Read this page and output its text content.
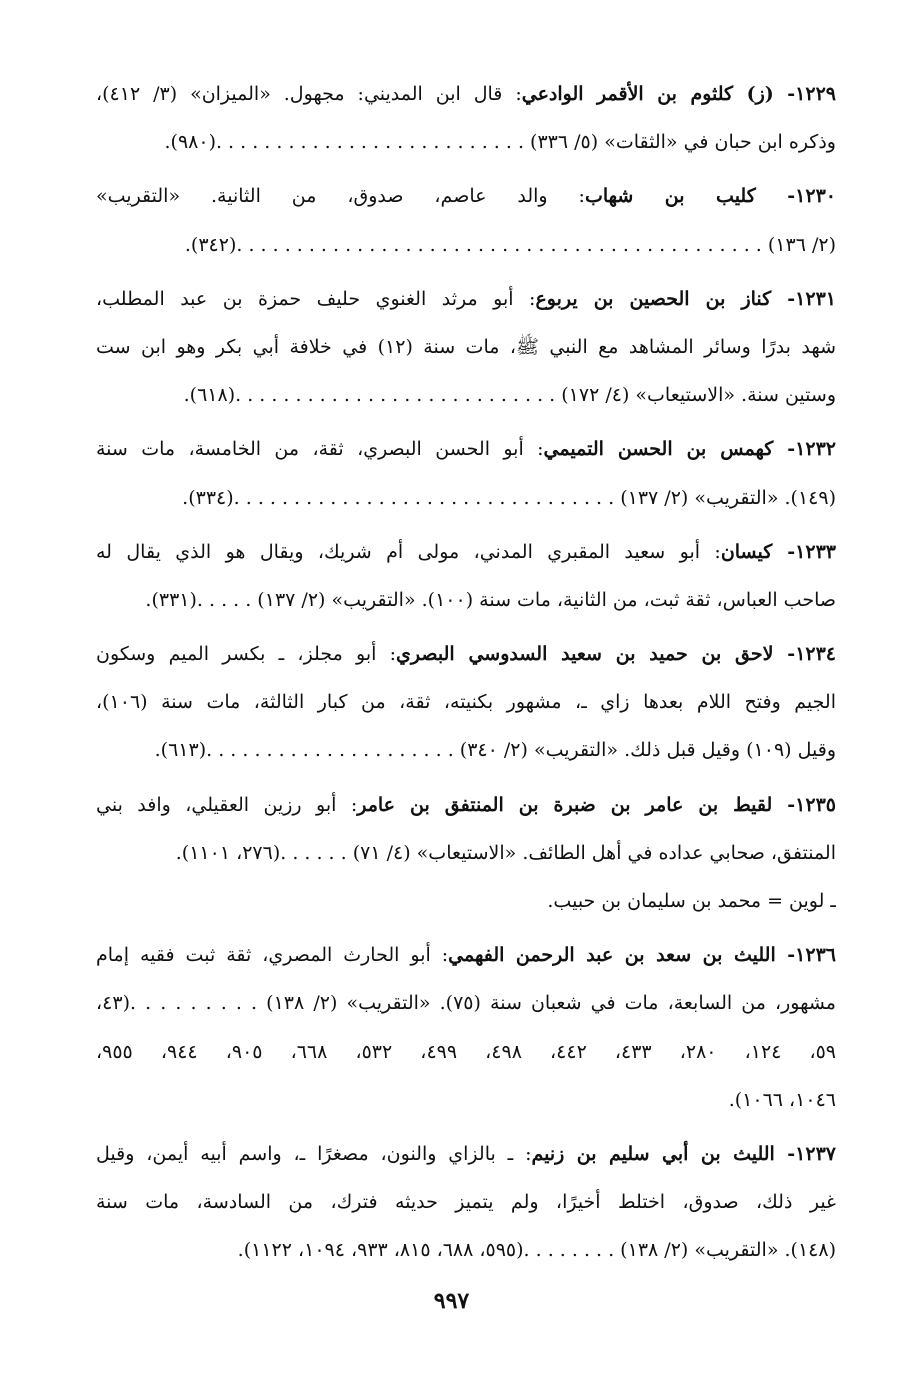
١٢٢٩- (ز) كلثوم بن الأقمر الوادعي: قال ابن المديني: مجهول. «الميزان» (٣/ ٤١٢)،
وذكره ابن حبان في «الثقات» (٥/ ٣٣٦) . . . . . . . . . . . . . . . . . . . . . . . . . .(٩٨٠).
١٢٣٠- كليب بن شهاب: والد عاصم، صدوق، من الثانية. «التقريب»
(٢/ ١٣٦) . . . . . . . . . . . . . . . . . . . . . . . . . . . . . . . . . . . . . . . . . . . .(٣٤٢).
١٢٣١- كناز بن الحصين بن يربوع: أبو مرثد الغنوي حليف حمزة بن عبد المطلب،
شهد بدرًا وسائر المشاهد مع النبي ﷺ، مات سنة (١٢) في خلافة أبي بكر وهو ابن ست
وستين سنة. «الاستيعاب» (٤/ ١٧٢) . . . . . . . . . . . . . . . . . . . . . . . . . . .(٦١٨).
١٢٣٢- كهمس بن الحسن التميمي: أبو الحسن البصري، ثقة، من الخامسة، مات سنة
(١٤٩). «التقريب» (٢/ ١٣٧) . . . . . . . . . . . . . . . . . . . . . . . . . . . . . . . .(٣٣٤).
١٢٣٣- كيسان: أبو سعيد المقبري المدني، مولى أم شريك، ويقال هو الذي يقال له
صاحب العباس، ثقة ثبت، من الثانية، مات سنة (١٠٠). «التقريب» (٢/ ١٣٧) . . . . .(٣٣١).
١٢٣٤- لاحق بن حميد بن سعيد السدوسي البصري: أبو مجلز، ـ بكسر الميم وسكون
الجيم وفتح اللام بعدها زاي ـ، مشهور بكنيته، ثقة، من كبار الثالثة، مات سنة (١٠٦)،
وقيل (١٠٩) وقيل قبل ذلك. «التقريب» (٢/ ٣٤٠) . . . . . . . . . . . . . . . . . . . . .(٦١٣).
١٢٣٥- لقيط بن عامر بن ضبرة بن المنتفق بن عامر: أبو رزين العقيلي، وافد بني
المنتفق، صحابي عداده في أهل الطائف. «الاستيعاب» (٤/ ٧١) . . . . . .(٢٧٦، ١١٠١).
ـ لوين = محمد بن سليمان بن حبيب.
١٢٣٦- الليث بن سعد بن عبد الرحمن الفهمي: أبو الحارث المصري، ثقة ثبت فقيه إمام
مشهور، من السابعة، مات في شعبان سنة (٧٥). «التقريب» (٢/ ١٣٨) . . . . . . . . .(٤٣،
٥٩، ١٢٤، ٢٨٠، ٤٣٣، ٤٤٢، ٤٩٨، ٤٩٩، ٥٣٢، ٦٦٨، ٩٠٥، ٩٤٤، ٩٥٥،
١٠٤٦، ١٠٦٦).
١٢٣٧- الليث بن أبي سليم بن زنيم: ـ بالزاي والنون، مصغرًا ـ، واسم أبيه أيمن، وقيل
غير ذلك، صدوق، اختلط أخيرًا، ولم يتميز حديثه فترك، من السادسة، مات سنة
(١٤٨). «التقريب» (٢/ ١٣٨) . . . . . . . .(٥٩٥، ٦٨٨، ٨١٥، ٩٣٣، ١٠٩٤، ١١٢٢).
٩٩٧
